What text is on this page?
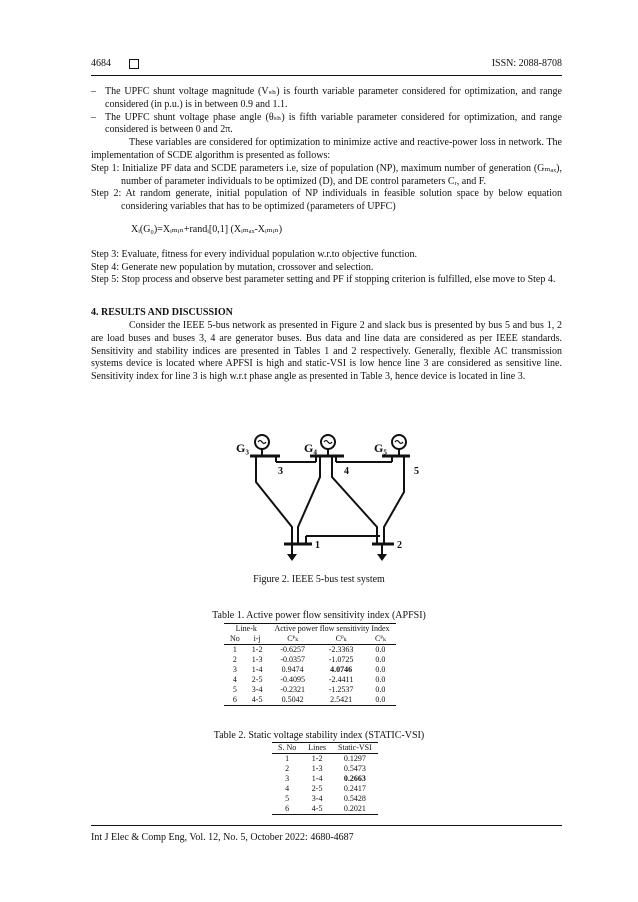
4684	ISSN: 2088-8708
– The UPFC shunt voltage magnitude (Vₛₕ) is fourth variable parameter considered for optimization, and range considered (in p.u.) is in between 0.9 and 1.1.
– The UPFC shunt voltage phase angle (θₛₕ) is fifth variable parameter considered for optimization, and range considered is between 0 and 2π.
These variables are considered for optimization to minimize active and reactive-power loss in network. The implementation of SCDE algorithm is presented as follows:
Step 1: Initialize PF data and SCDE parameters i.e, size of population (NP), maximum number of generation (Gₘₐₓ), number of parameter individuals to be optimized (D), and DE control parameters Cᵣ, and F.
Step 2: At random generate, initial population of NP individuals in feasible solution space by below equation considering variables that has to be optimized (parameters of UPFC)
Xᵢ(G₀)=Xᵢₘᵢₙ+randᵢ[0,1] (Xᵢₘₐₓ-Xᵢₘᵢₙ)
Step 3: Evaluate, fitness for every individual population w.r.to objective function.
Step 4: Generate new population by mutation, crossover and selection.
Step 5: Stop process and observe best parameter setting and PF if stopping criterion is fulfilled, else move to Step 4.
4. RESULTS AND DISCUSSION
Consider the IEEE 5-bus network as presented in Figure 2 and slack bus is presented by bus 5 and bus 1, 2 are load buses and buses 3, 4 are generator buses. Bus data and line data are considered as per IEEE standards. Sensitivity and stability indices are presented in Tables 1 and 2 respectively. Generally, flexible AC transmission systems device is located where APFSI is high and static-VSI is low hence line 3 are considered as sensitive line. Sensitivity index for line 3 is high w.r.t phase angle as presented in Table 3, hence device is located in line 3.
G₃	G₄	G₅
3	4	5
1	2
Figure 2. IEEE 5-bus test system
Table 1. Active power flow sensitivity index (APFSI)
Line-k		Active power flow sensitivity Index		
No	i-j	Cᴾₖ	Cᴾₖ	Cᴾₖ
1	1-2	-0.6257	-2.3363	0.0
2	1-3	-0.0357	-1.0725	0.0
3	1-4	0.9474	4.0746	0.0
4	2-5	-0.4095	-2.4411	0.0
5	3-4	-0.2321	-1.2537	0.0
6	4-5	0.5042	2.5421	0.0
Table 2. Static voltage stability index (STATIC-VSI)
S. No	Lines	Static-VSI
1	1-2	0.1297
2	1-3	0.5473
3	1-4	0.2663
4	2-5	0.2417
5	3-4	0.5428
6	4-5	0.2021
Int J Elec & Comp Eng, Vol. 12, No. 5, October 2022: 4680-4687
